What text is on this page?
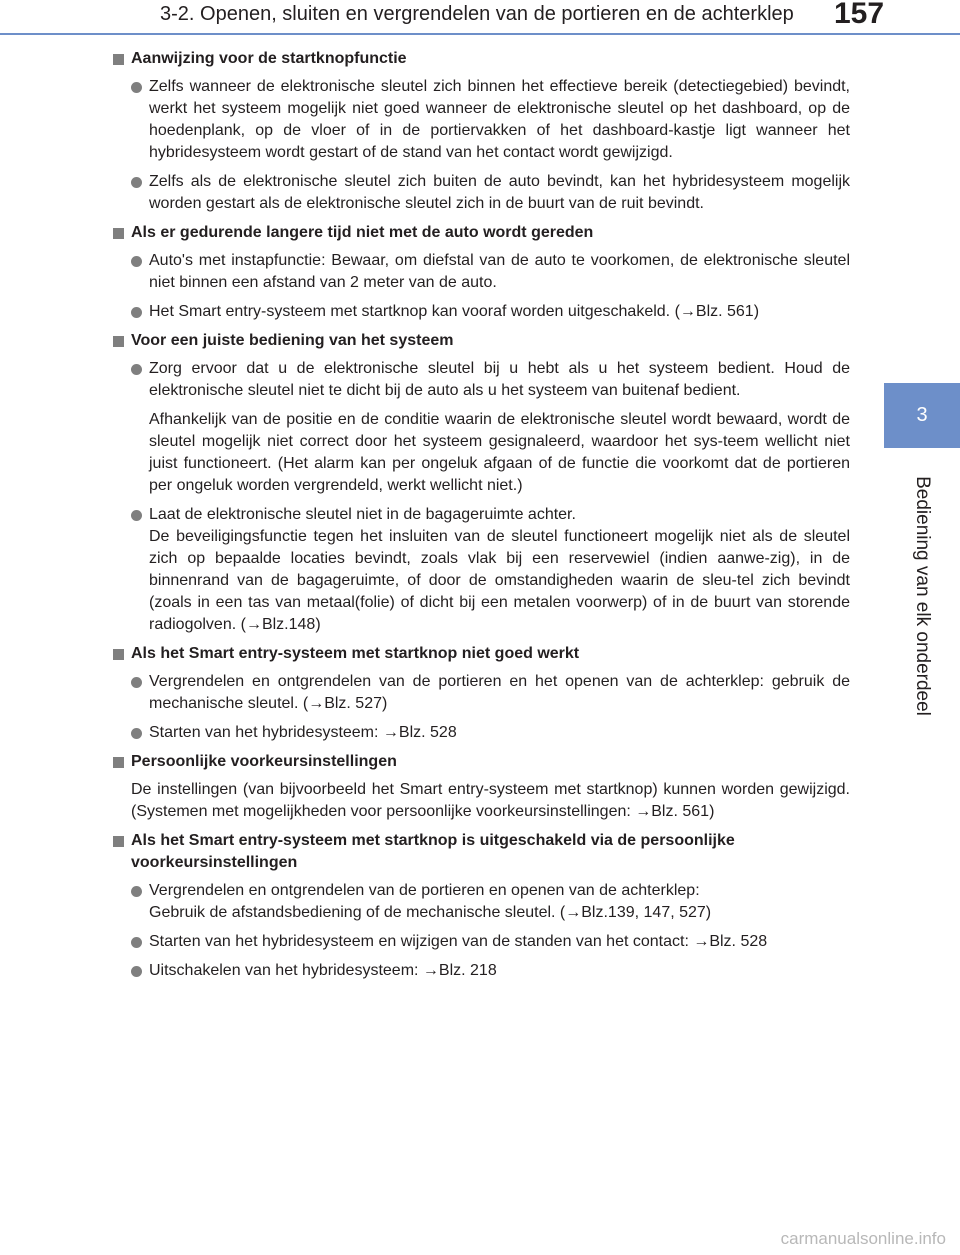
3-2. Openen, sluiten en vergrendelen van de portieren en de achterklep 157
3
Bediening van elk onderdeel
Aanwijzing voor de startknopfunctie
Zelfs wanneer de elektronische sleutel zich binnen het effectieve bereik (detectiegebied) bevindt, werkt het systeem mogelijk niet goed wanneer de elektronische sleutel op het dashboard, op de hoedenplank, op de vloer of in de portiervakken of het dashboard-kastje ligt wanneer het hybridesysteem wordt gestart of de stand van het contact wordt gewijzigd.
Zelfs als de elektronische sleutel zich buiten de auto bevindt, kan het hybridesysteem mogelijk worden gestart als de elektronische sleutel zich in de buurt van de ruit bevindt.
Als er gedurende langere tijd niet met de auto wordt gereden
Auto's met instapfunctie: Bewaar, om diefstal van de auto te voorkomen, de elektronische sleutel niet binnen een afstand van 2 meter van de auto.
Het Smart entry-systeem met startknop kan vooraf worden uitgeschakeld. (→Blz. 561)
Voor een juiste bediening van het systeem
Zorg ervoor dat u de elektronische sleutel bij u hebt als u het systeem bedient. Houd de elektronische sleutel niet te dicht bij de auto als u het systeem van buitenaf bedient.
Afhankelijk van de positie en de conditie waarin de elektronische sleutel wordt bewaard, wordt de sleutel mogelijk niet correct door het systeem gesignaleerd, waardoor het sys-teem wellicht niet juist functioneert. (Het alarm kan per ongeluk afgaan of de functie die voorkomt dat de portieren per ongeluk worden vergrendeld, werkt wellicht niet.)
Laat de elektronische sleutel niet in de bagageruimte achter.
De beveiligingsfunctie tegen het insluiten van de sleutel functioneert mogelijk niet als de sleutel zich op bepaalde locaties bevindt, zoals vlak bij een reservewiel (indien aanwe-zig), in de binnenrand van de bagageruimte, of door de omstandigheden waarin de sleu-tel zich bevindt (zoals in een tas van metaal(folie) of dicht bij een metalen voorwerp) of in de buurt van storende radiogolven. (→Blz.148)
Als het Smart entry-systeem met startknop niet goed werkt
Vergrendelen en ontgrendelen van de portieren en het openen van de achterklep: gebruik de mechanische sleutel. (→Blz. 527)
Starten van het hybridesysteem: →Blz. 528
Persoonlijke voorkeursinstellingen
De instellingen (van bijvoorbeeld het Smart entry-systeem met startknop) kunnen worden gewijzigd. (Systemen met mogelijkheden voor persoonlijke voorkeursinstellingen: →Blz. 561)
Als het Smart entry-systeem met startknop is uitgeschakeld via de persoonlijke voorkeursinstellingen
Vergrendelen en ontgrendelen van de portieren en openen van de achterklep:
Gebruik de afstandsbediening of de mechanische sleutel. (→Blz.139, 147, 527)
Starten van het hybridesysteem en wijzigen van de standen van het contact: →Blz. 528
Uitschakelen van het hybridesysteem: →Blz. 218
carmanualsonline.info
